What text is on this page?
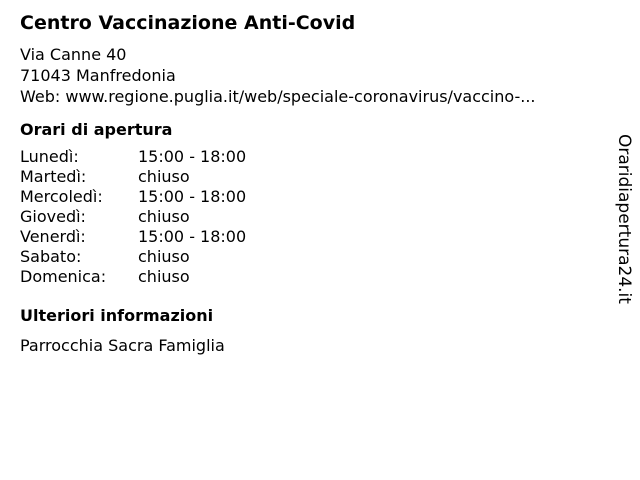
Centro Vaccinazione Anti-Covid
Via Canne 40
71043 Manfredonia
Web: www.regione.puglia.it/web/speciale-coronavirus/vaccino-...
Orari di apertura
Lunedì:	15:00 - 18:00
Martedì:	chiuso
Mercoledì:	15:00 - 18:00
Giovedì:	chiuso
Venerdì:	15:00 - 18:00
Sabato:	chiuso
Domenica:	chiuso
Ulteriori informazioni
Parrocchia Sacra Famiglia
Oraridiapertura24.it
